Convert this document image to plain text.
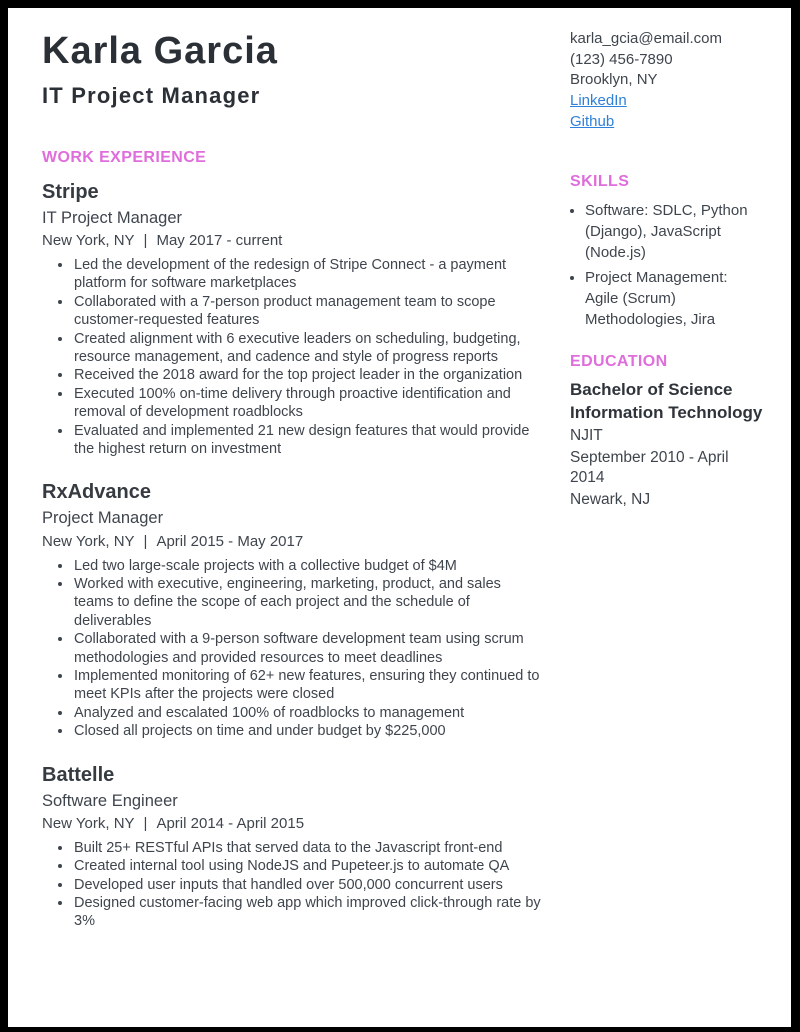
Karla Garcia
IT Project Manager
WORK EXPERIENCE
Stripe
IT Project Manager
New York, NY | May 2017 - current
• Led the development of the redesign of Stripe Connect - a payment platform for software marketplaces
• Collaborated with a 7-person product management team to scope customer-requested features
• Created alignment with 6 executive leaders on scheduling, budgeting, resource management, and cadence and style of progress reports
• Received the 2018 award for the top project leader in the organization
• Executed 100% on-time delivery through proactive identification and removal of development roadblocks
• Evaluated and implemented 21 new design features that would provide the highest return on investment
RxAdvance
Project Manager
New York, NY | April 2015 - May 2017
• Led two large-scale projects with a collective budget of $4M
• Worked with executive, engineering, marketing, product, and sales teams to define the scope of each project and the schedule of deliverables
• Collaborated with a 9-person software development team using scrum methodologies and provided resources to meet deadlines
• Implemented monitoring of 62+ new features, ensuring they continued to meet KPIs after the projects were closed
• Analyzed and escalated 100% of roadblocks to management
• Closed all projects on time and under budget by $225,000
Battelle
Software Engineer
New York, NY | April 2014 - April 2015
• Built 25+ RESTful APIs that served data to the Javascript front-end
• Created internal tool using NodeJS and Pupeteer.js to automate QA
• Developed user inputs that handled over 500,000 concurrent users
• Designed customer-facing web app which improved click-through rate by 3%
karla_gcia@email.com
(123) 456-7890
Brooklyn, NY
LinkedIn
Github
SKILLS
• Software: SDLC, Python (Django), JavaScript (Node.js)
• Project Management: Agile (Scrum) Methodologies, Jira
EDUCATION
Bachelor of Science Information Technology
NJIT
September 2010 - April 2014
Newark, NJ
